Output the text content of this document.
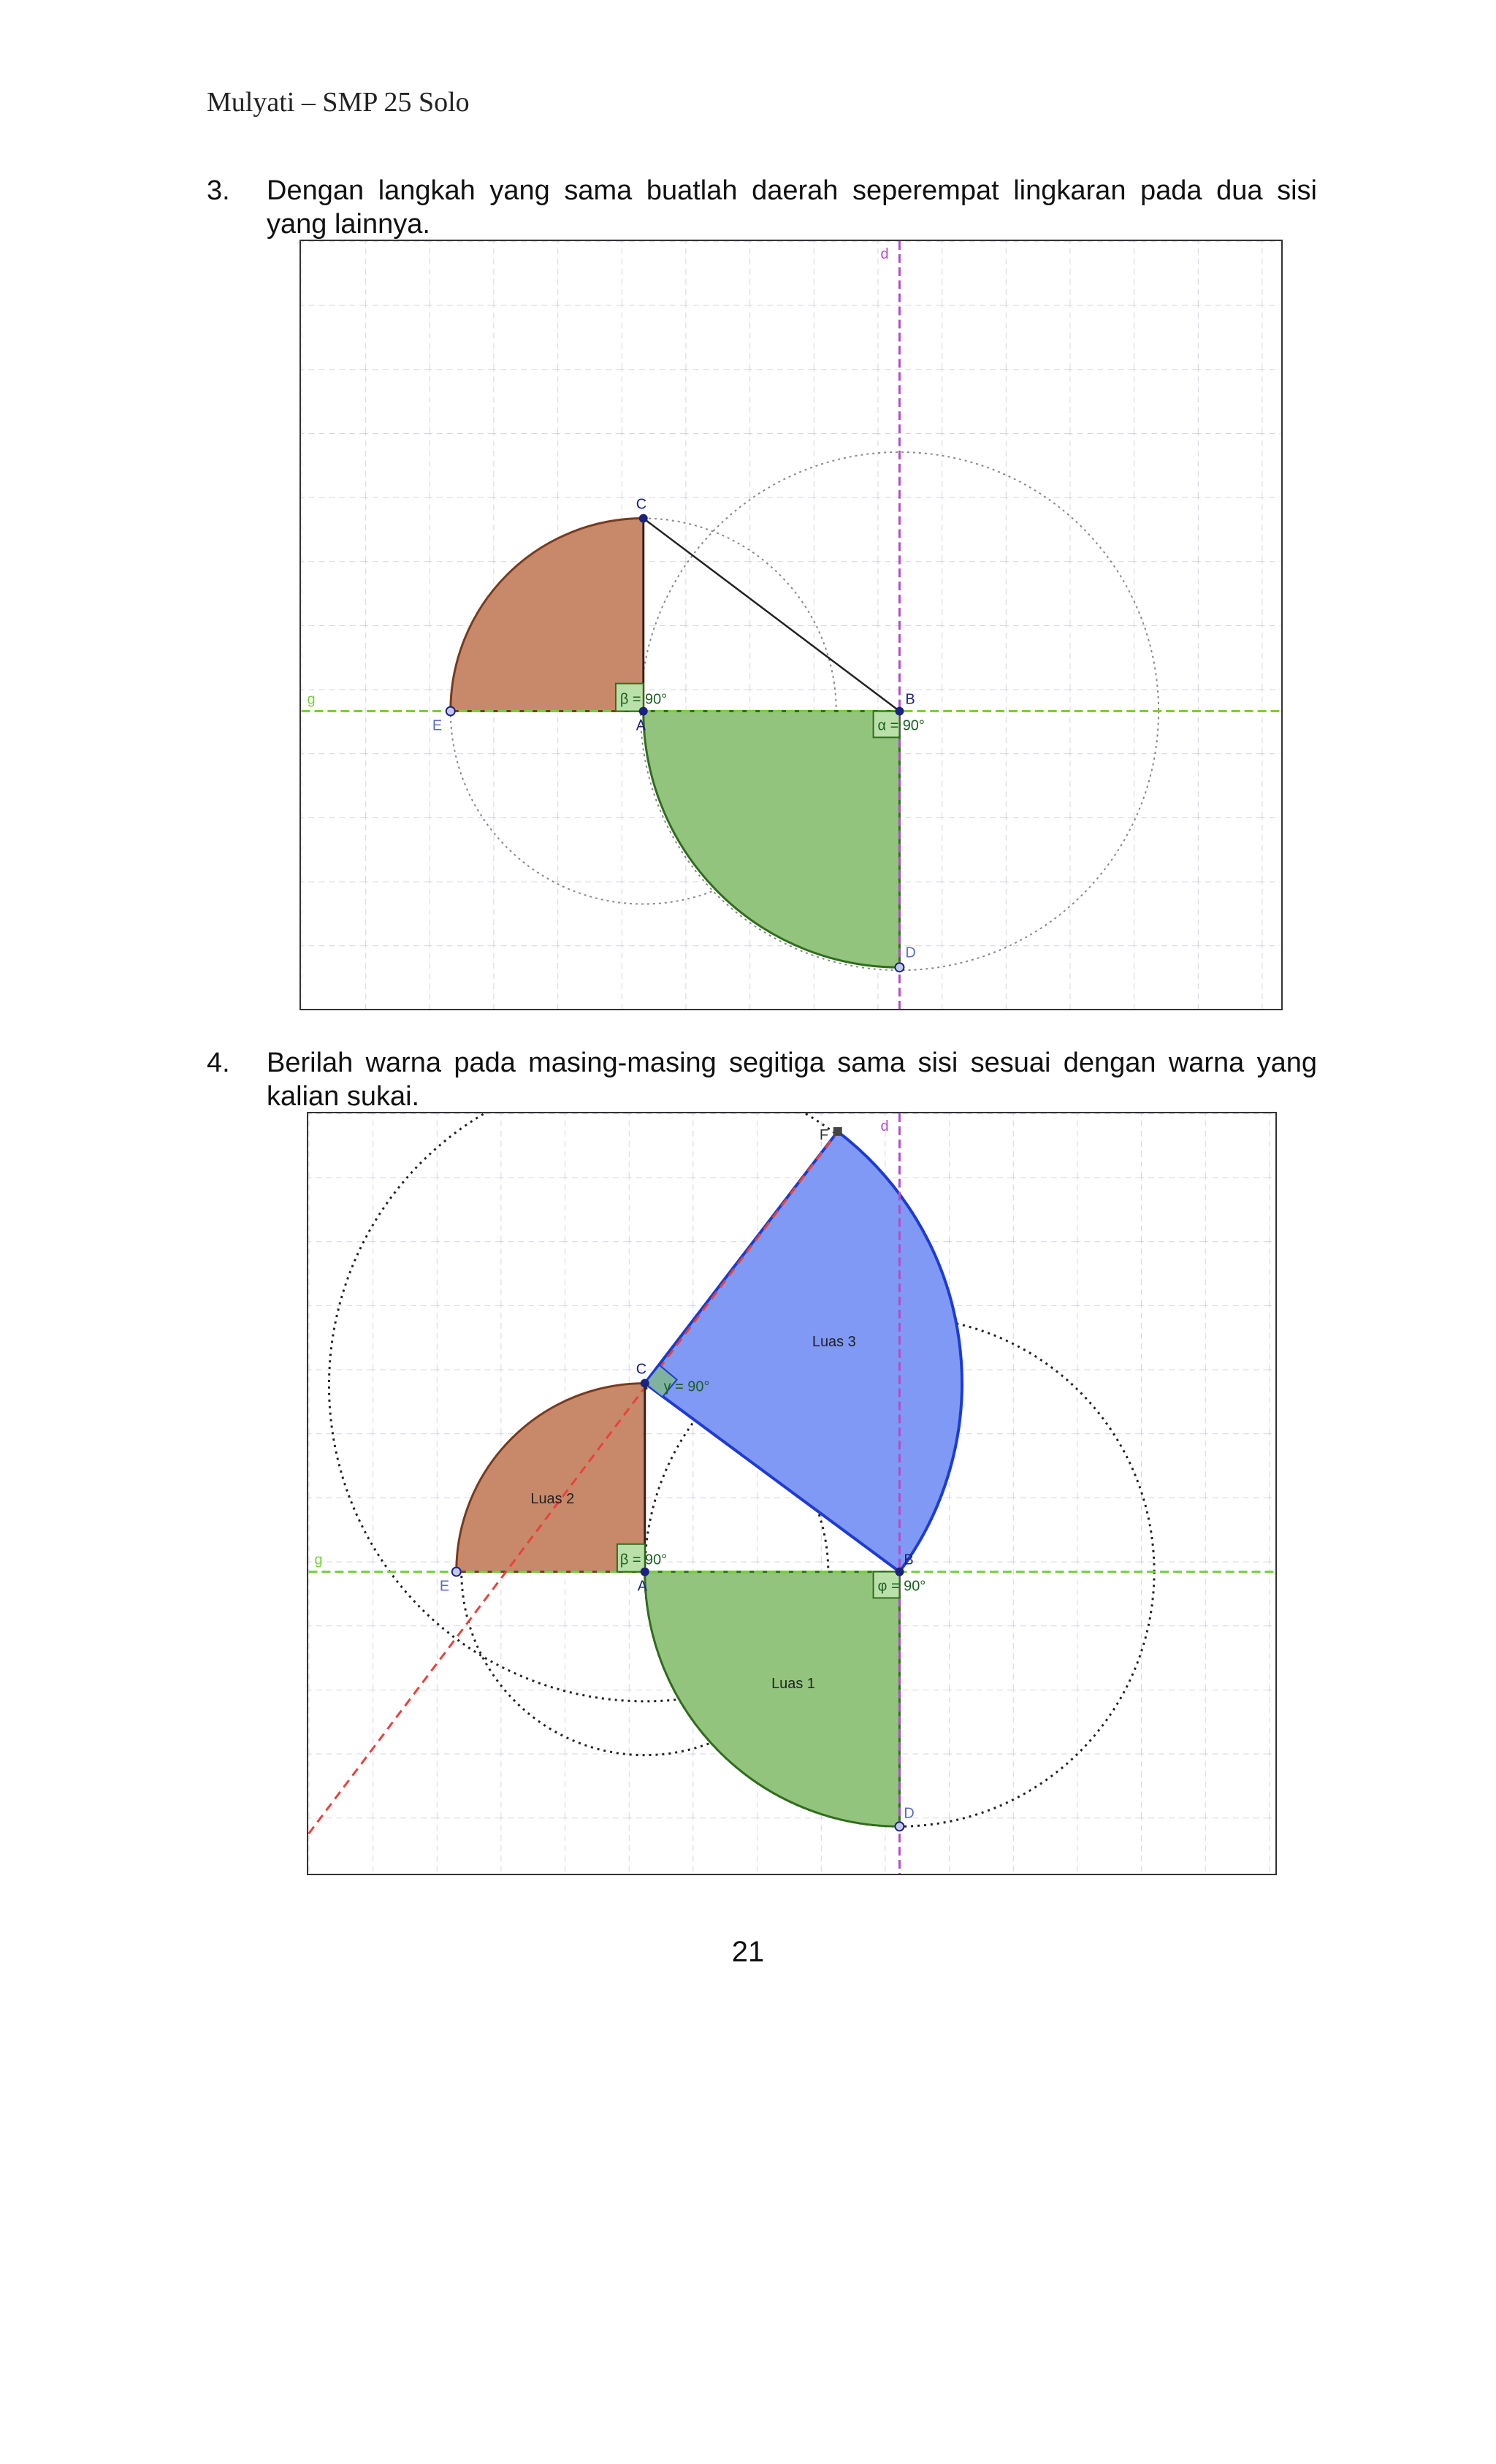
Mulyati – SMP 25 Solo
3. Dengan langkah yang sama buatlah daerah seperempat lingkaran pada dua sisi yang lainnya.
C
A
B
E
D
g
d
β = 90°
α = 90°
4. Berilah warna pada masing-masing segitiga sama sisi sesuai dengan warna yang kalian sukai.
C
A
B
E
D
F
g
d
β = 90°
γ = 90°
φ = 90°
Luas 1
Luas 2
Luas 3
21
